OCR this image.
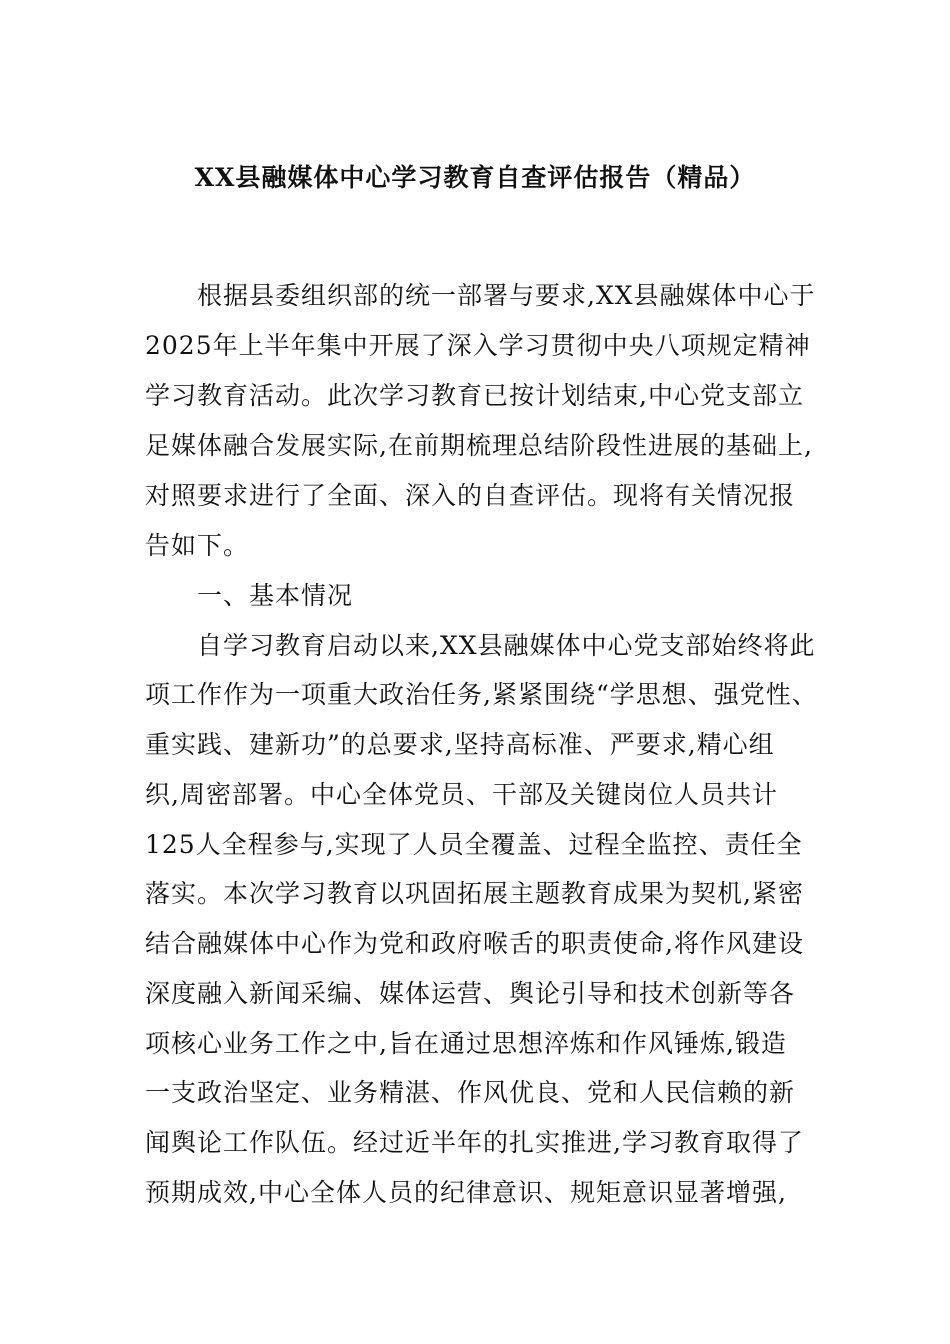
XX县融媒体中心学习教育自查评估报告（精品）
根据县委组织部的统一部署与要求,XX县融媒体中心于
2025年上半年集中开展了深入学习贯彻中央八项规定精神
学习教育活动。此次学习教育已按计划结束,中心党支部立
足媒体融合发展实际,在前期梳理总结阶段性进展的基础上,
对照要求进行了全面、深入的自查评估。现将有关情况报
告如下。
一、基本情况
自学习教育启动以来,XX县融媒体中心党支部始终将此
项工作作为一项重大政治任务,紧紧围绕“学思想、强党性、
重实践、建新功”的总要求,坚持高标准、严要求,精心组
织,周密部署。中心全体党员、干部及关键岗位人员共计
125人全程参与,实现了人员全覆盖、过程全监控、责任全
落实。本次学习教育以巩固拓展主题教育成果为契机,紧密
结合融媒体中心作为党和政府喉舌的职责使命,将作风建设
深度融入新闻采编、媒体运营、舆论引导和技术创新等各
项核心业务工作之中,旨在通过思想淬炼和作风锤炼,锻造
一支政治坚定、业务精湛、作风优良、党和人民信赖的新
闻舆论工作队伍。经过近半年的扎实推进,学习教育取得了
预期成效,中心全体人员的纪律意识、规矩意识显著增强,
